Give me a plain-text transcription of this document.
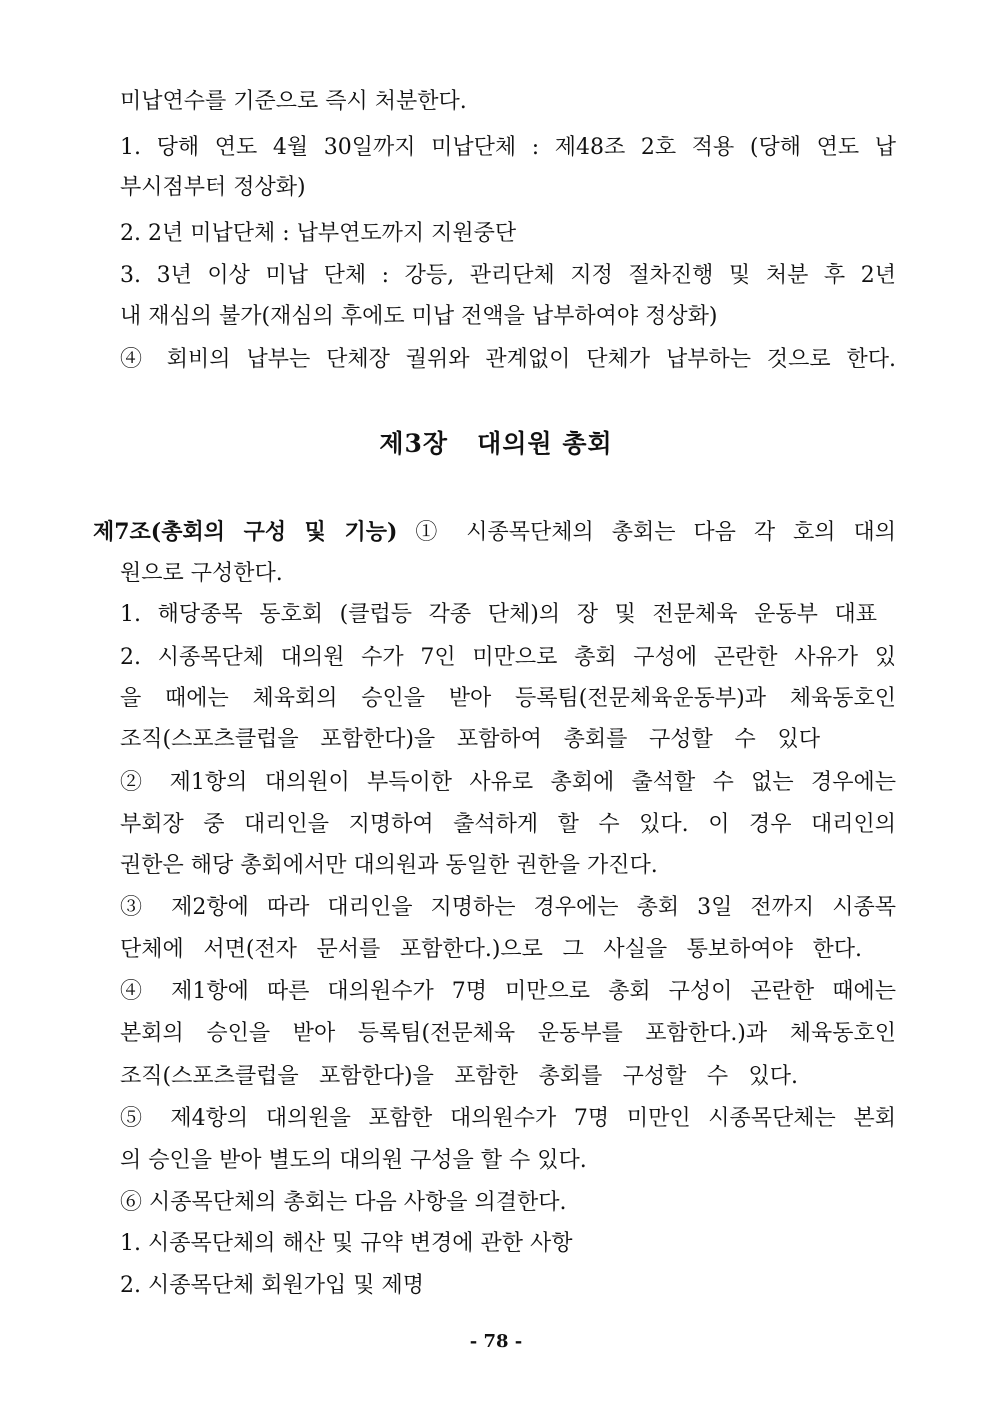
미납연수를 기준으로 즉시 처분한다.
1. 당해 연도 4월 30일까지 미납단체 : 제48조 2호 적용 (당해 연도 납
부시점부터 정상화)
2. 2년 미납단체 : 납부연도까지 지원중단
3. 3년 이상 미납 단체 : 강등, 관리단체 지정 절차진행 및 처분 후 2년
내 재심의 불가(재심의 후에도 미납 전액을 납부하여야 정상화)
④ 회비의 납부는 단체장 궐위와 관계없이 단체가 납부하는 것으로 한다.
제3장 대의원 총회
제7조(총회의 구성 및 기능) ① 시종목단체의 총회는 다음 각 호의 대의
원으로 구성한다.
1. 해당종목 동호회 (클럽등 각종 단체)의 장 및 전문체육 운동부 대표
2. 시종목단체 대의원 수가 7인 미만으로 총회 구성에 곤란한 사유가 있
을 때에는 체육회의 승인을 받아 등록팀(전문체육운동부)과 체육동호인
조직(스포츠클럽을 포함한다)을 포함하여 총회를 구성할 수 있다
② 제1항의 대의원이 부득이한 사유로 총회에 출석할 수 없는 경우에는
부회장 중 대리인을 지명하여 출석하게 할 수 있다. 이 경우 대리인의
권한은 해당 총회에서만 대의원과 동일한 권한을 가진다.
③ 제2항에 따라 대리인을 지명하는 경우에는 총회 3일 전까지 시종목
단체에 서면(전자 문서를 포함한다.)으로 그 사실을 통보하여야 한다.
④ 제1항에 따른 대의원수가 7명 미만으로 총회 구성이 곤란한 때에는
본회의 승인을 받아 등록팀(전문체육 운동부를 포함한다.)과 체육동호인
조직(스포츠클럽을 포함한다)을 포함한 총회를 구성할 수 있다.
⑤ 제4항의 대의원을 포함한 대의원수가 7명 미만인 시종목단체는 본회
의 승인을 받아 별도의 대의원 구성을 할 수 있다.
⑥ 시종목단체의 총회는 다음 사항을 의결한다.
1. 시종목단체의 해산 및 규약 변경에 관한 사항
2. 시종목단체 회원가입 및 제명
- 78 -
